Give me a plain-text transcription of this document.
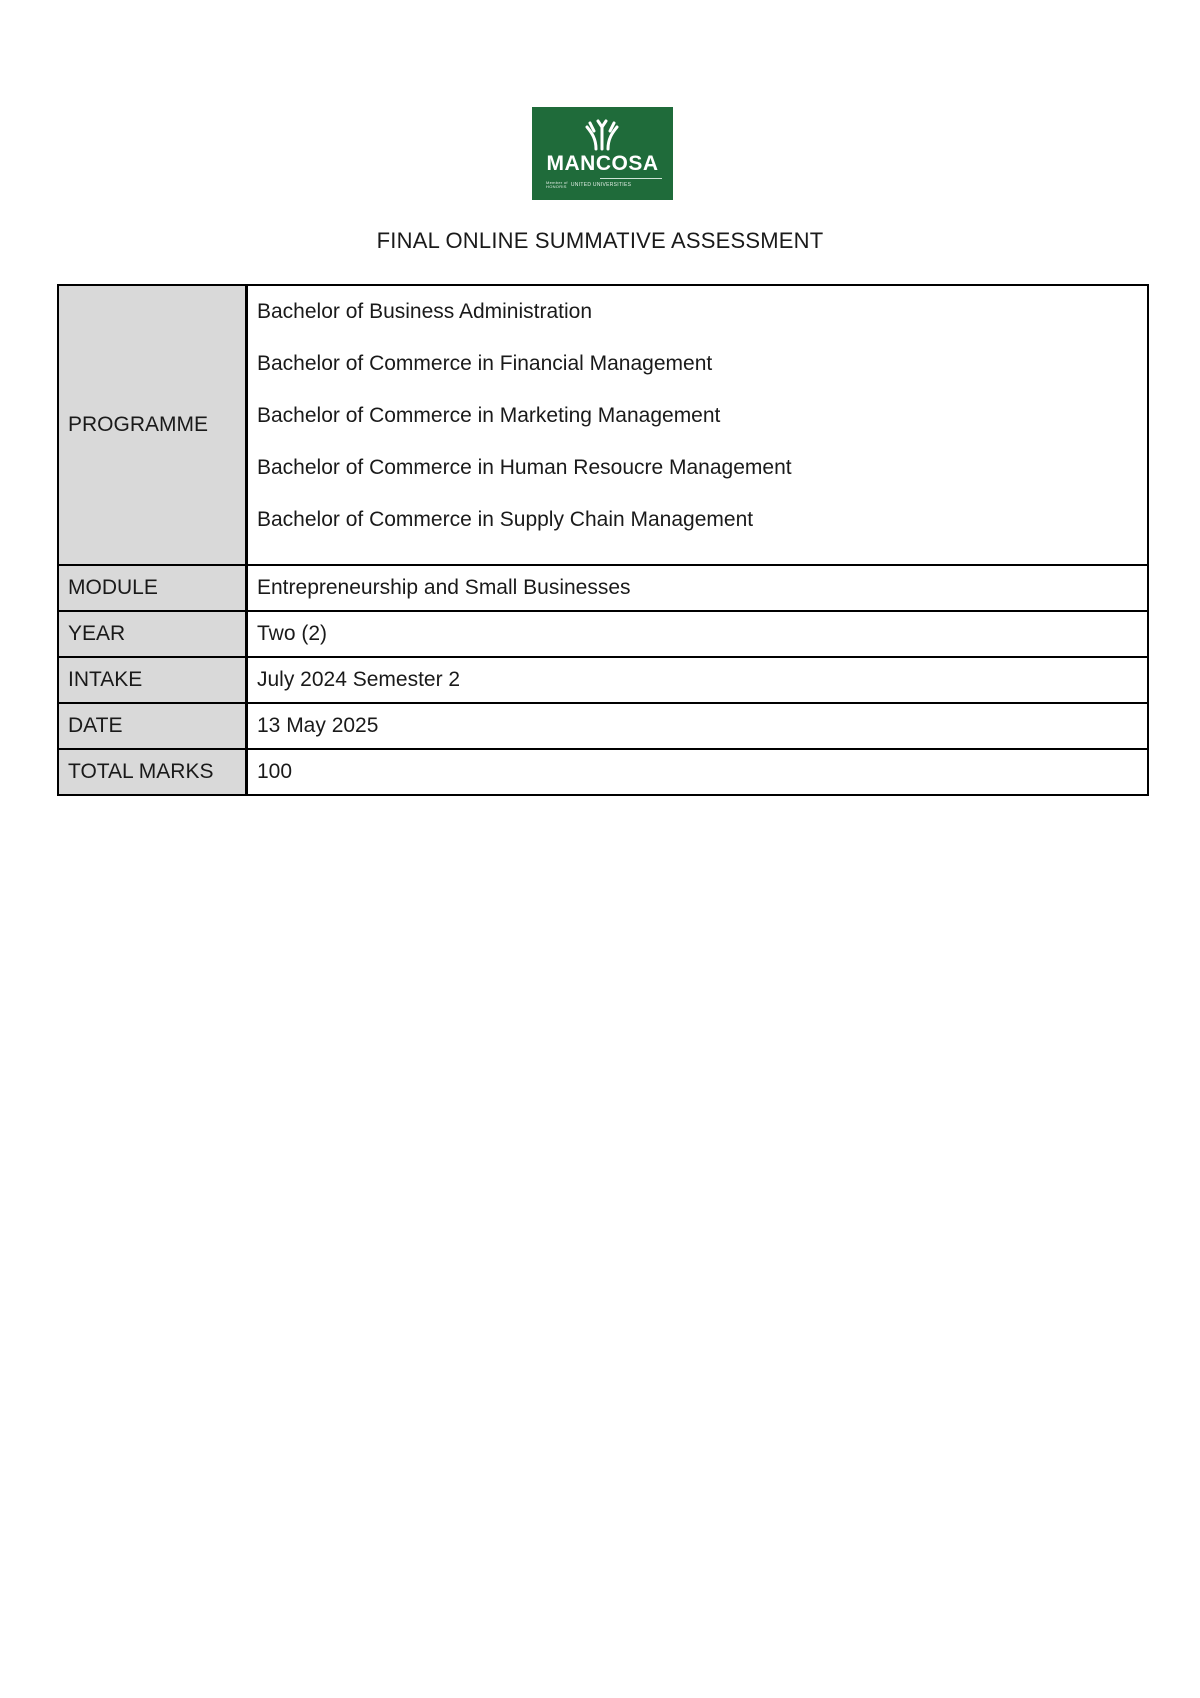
MANCOSA
Member of
HONORIS UNITED UNIVERSITIES
FINAL ONLINE SUMMATIVE ASSESSMENT
PROGRAMME	Bachelor of Business Administration
Bachelor of Commerce in Financial Management
Bachelor of Commerce in Marketing Management
Bachelor of Commerce in Human Resoucre Management
Bachelor of Commerce in Supply Chain Management

MODULE	Entrepreneurship and Small Businesses
YEAR	Two (2)
INTAKE	July 2024 Semester 2
DATE	13 May 2025
TOTAL MARKS	100
